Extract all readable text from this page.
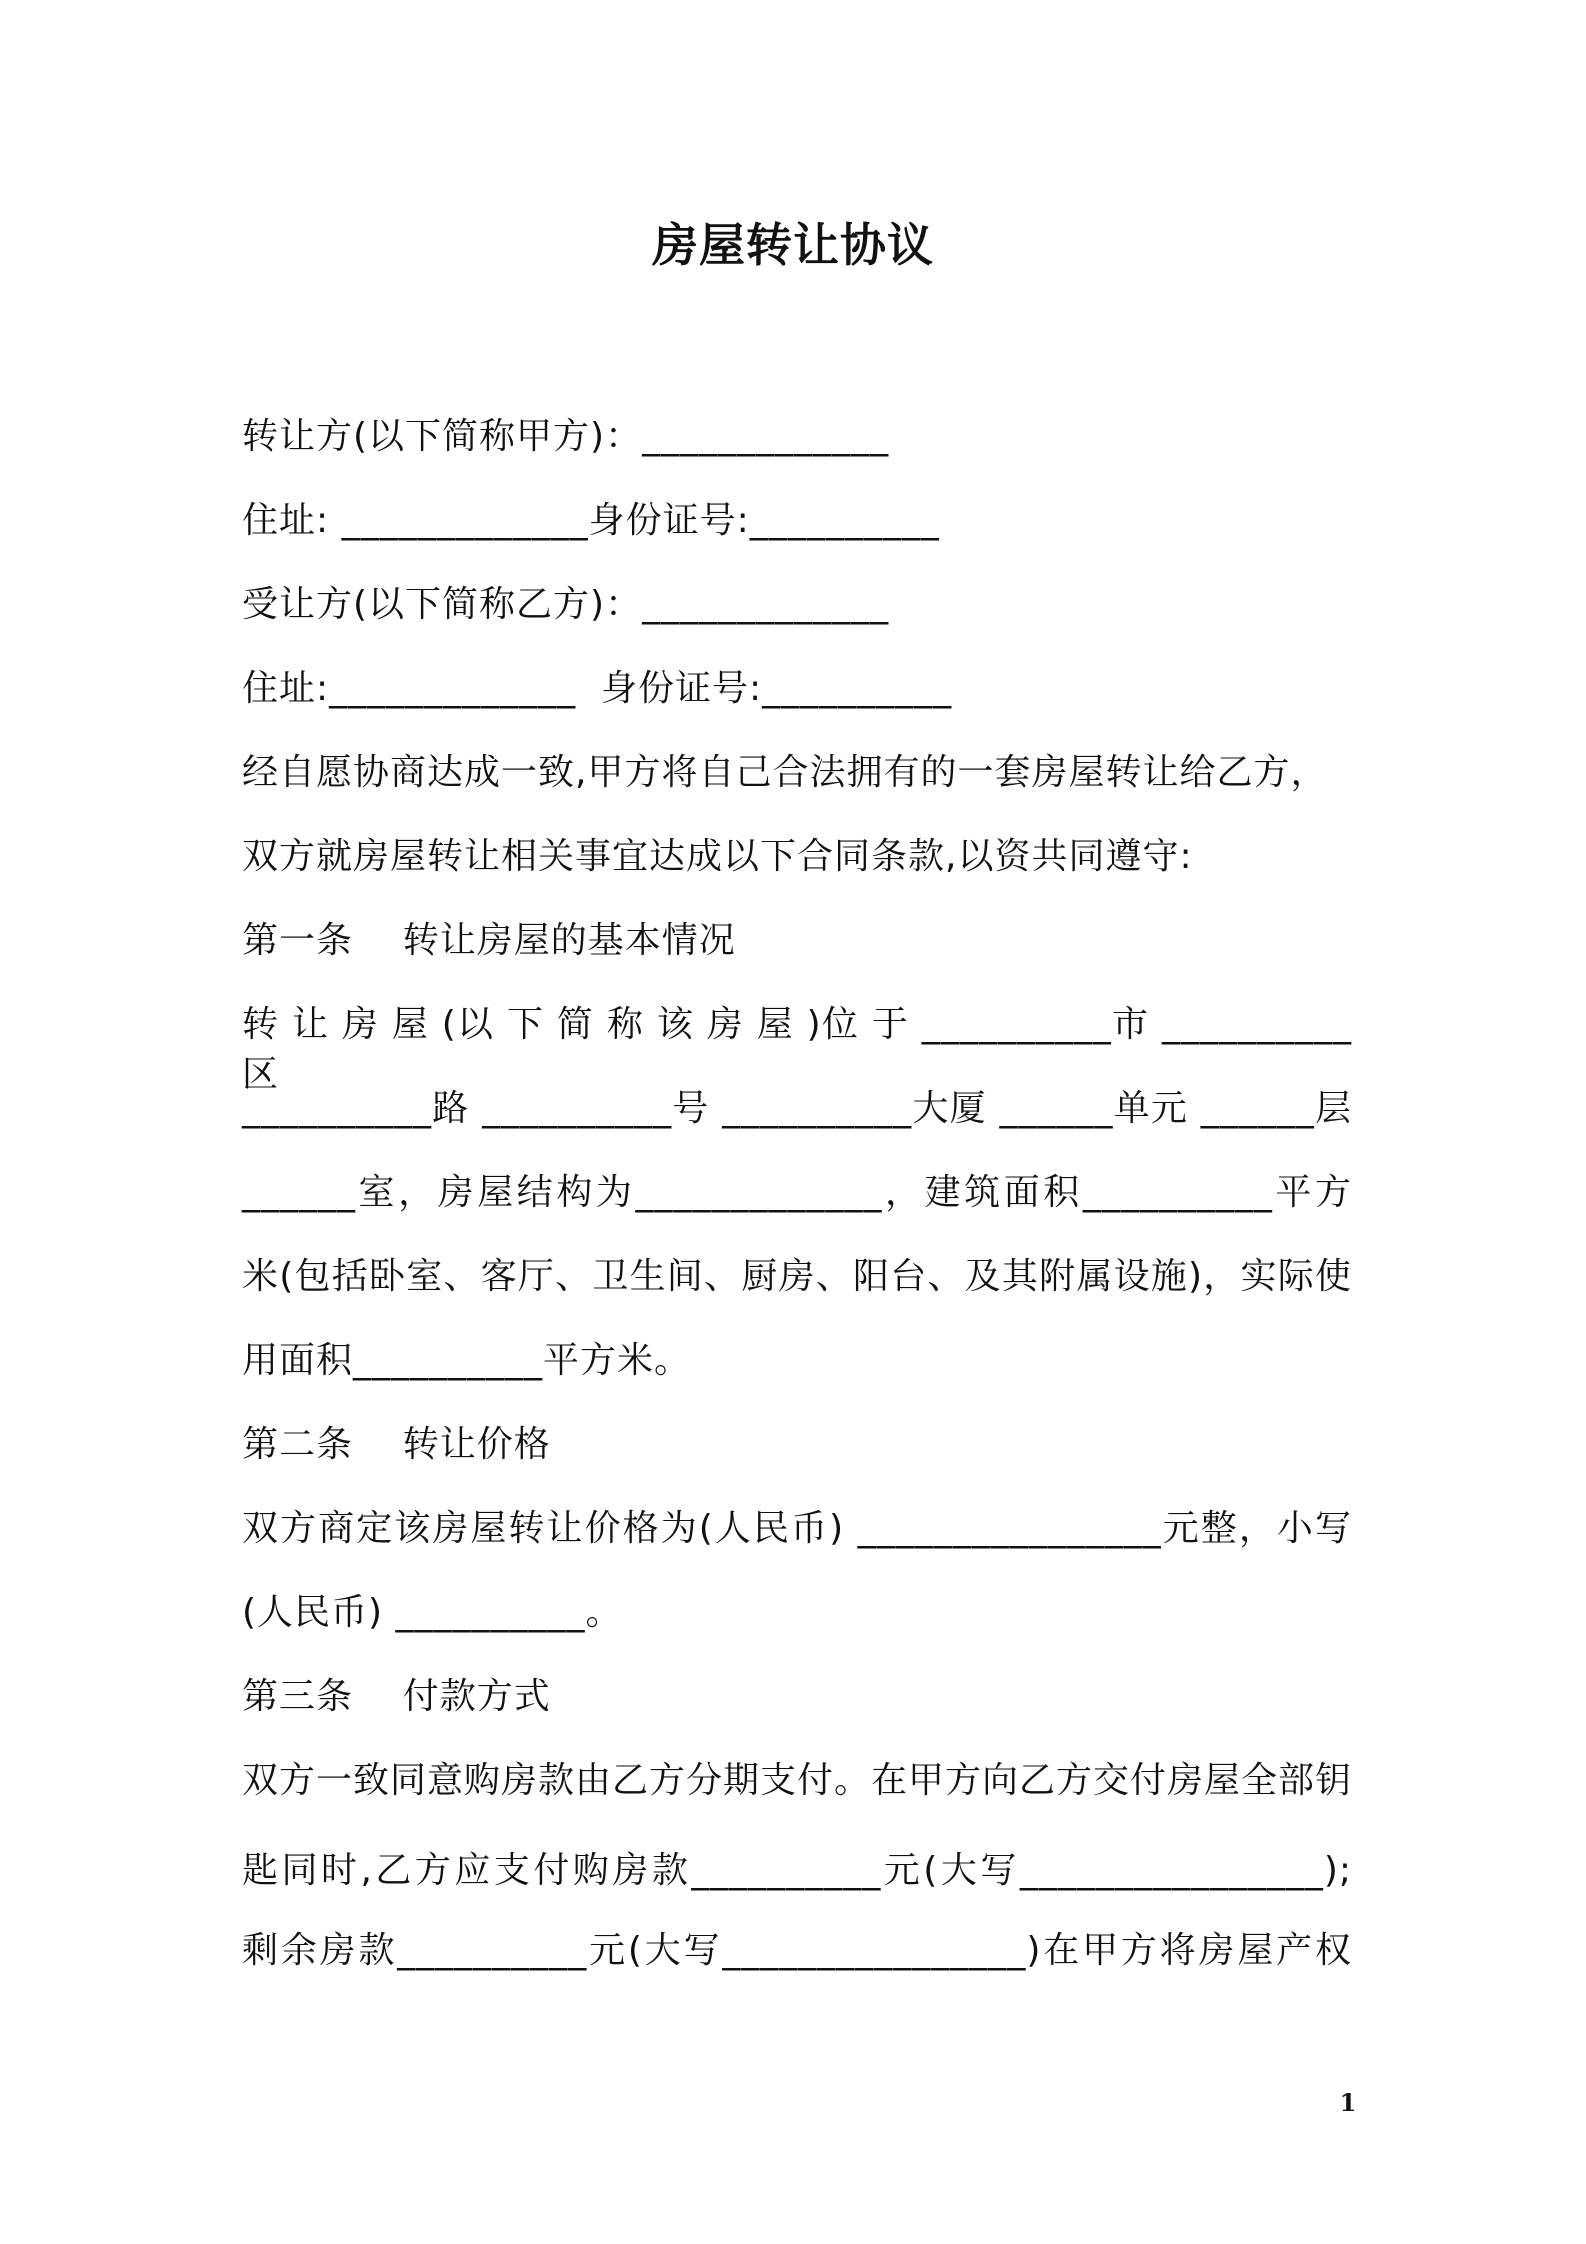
房屋转让协议
转让方(以下简称甲方)：_____________
住址: _____________身份证号:__________
受让方(以下简称乙方)：_____________
住址:_____________  身份证号:__________
经自愿协商达成一致,甲方将自己合法拥有的一套房屋转让给乙方，
双方就房屋转让相关事宜达成以下合同条款,以资共同遵守:
第一条    转让房屋的基本情况
转 让 房 屋 (以 下 简 称 该 房 屋 )位 于 __________市 __________区
__________路 __________号 __________大厦 ______单元 ______层
______室，房屋结构为_____________，建筑面积__________平方
米(包括卧室、客厅、卫生间、厨房、阳台、及其附属设施)，实际使
用面积__________平方米。
第二条    转让价格
双方商定该房屋转让价格为(人民币) ________________元整，小写
(人民币) __________。
第三条    付款方式
双方一致同意购房款由乙方分期支付。在甲方向乙方交付房屋全部钥
匙同时,乙方应支付购房款__________元(大写________________);
剩余房款__________元(大写________________)在甲方将房屋产权
1
